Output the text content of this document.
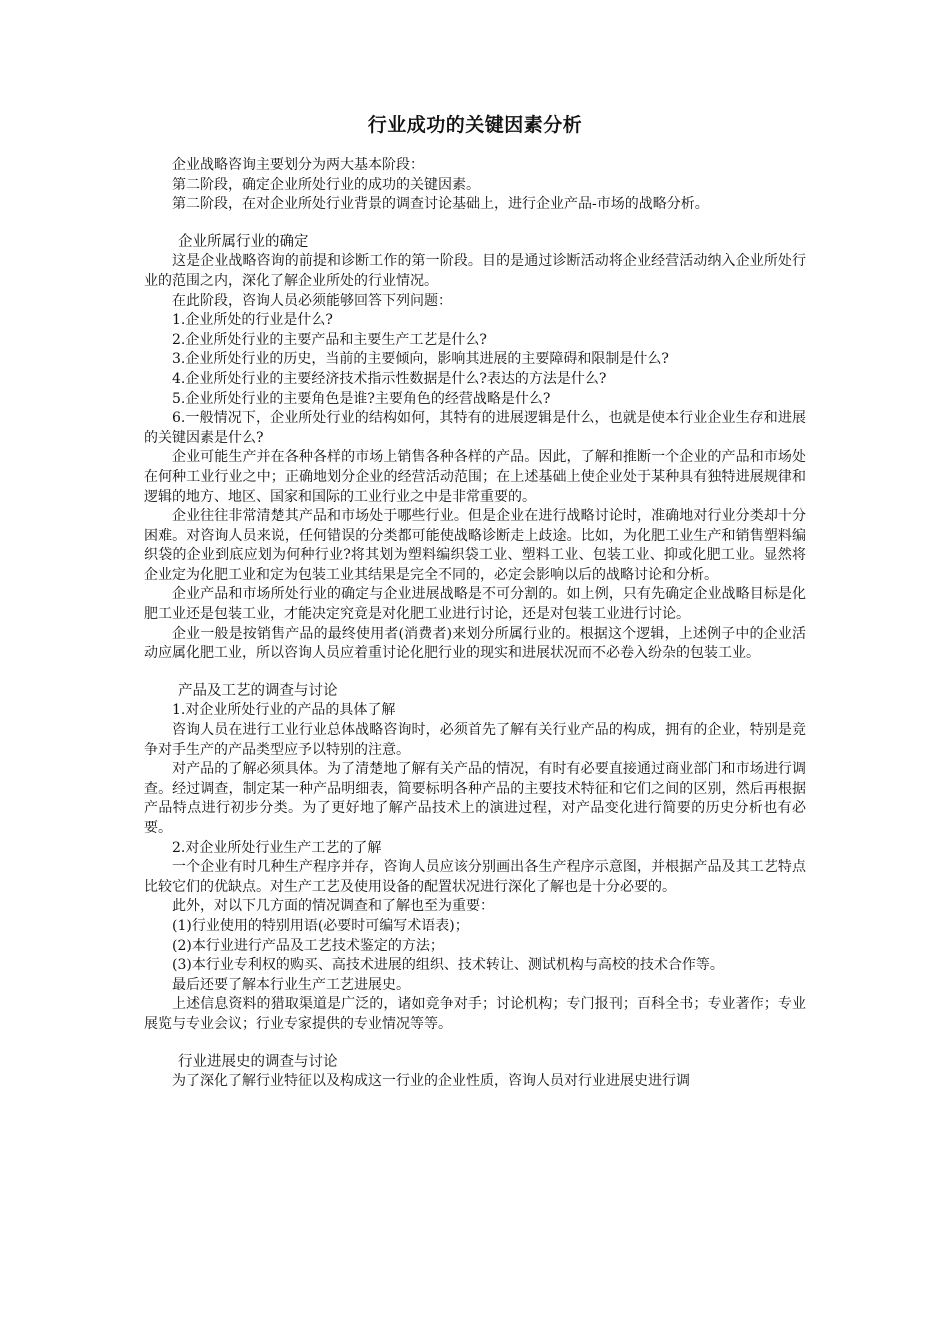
行业成功的关键因素分析

企业战略咨询主要划分为两大基本阶段：

第二阶段，确定企业所处行业的成功的关键因素。

第二阶段，在对企业所处行业背景的调查讨论基础上，进行企业产品-市场的战略分析。

企业所属行业的确定

这是企业战略咨询的前提和诊断工作的第一阶段。目的是通过诊断活动将企业经营活动纳入企业所处行业的范围之内，深化了解企业所处的行业情况。

在此阶段，咨询人员必须能够回答下列问题：

1.企业所处的行业是什么?

2.企业所处行业的主要产品和主要生产工艺是什么?

3.企业所处行业的历史，当前的主要倾向，影响其进展的主要障碍和限制是什么?

4.企业所处行业的主要经济技术指示性数据是什么?表达的方法是什么?

5.企业所处行业的主要角色是谁?主要角色的经营战略是什么?

6.一般情况下，企业所处行业的结构如何，其特有的进展逻辑是什么，也就是使本行业企业生存和进展的关键因素是什么?

企业可能生产并在各种各样的市场上销售各种各样的产品。因此，了解和推断一个企业的产品和市场处在何种工业行业之中；正确地划分企业的经营活动范围；在上述基础上使企业处于某种具有独特进展规律和逻辑的地方、地区、国家和国际的工业行业之中是非常重要的。

企业往往非常清楚其产品和市场处于哪些行业。但是企业在进行战略讨论时，准确地对行业分类却十分困难。对咨询人员来说，任何错误的分类都可能使战略诊断走上歧途。比如，为化肥工业生产和销售塑料编织袋的企业到底应划为何种行业?将其划为塑料编织袋工业、塑料工业、包装工业、抑或化肥工业。显然将企业定为化肥工业和定为包装工业其结果是完全不同的，必定会影响以后的战略讨论和分析。

企业产品和市场所处行业的确定与企业进展战略是不可分割的。如上例，只有先确定企业战略目标是化肥工业还是包装工业，才能决定究竟是对化肥工业进行讨论，还是对包装工业进行讨论。

企业一般是按销售产品的最终使用者(消费者)来划分所属行业的。根据这个逻辑，上述例子中的企业活动应属化肥工业，所以咨询人员应着重讨论化肥行业的现实和进展状况而不必卷入纷杂的包装工业。

产品及工艺的调查与讨论

1.对企业所处行业的产品的具体了解

咨询人员在进行工业行业总体战略咨询时，必须首先了解有关行业产品的构成，拥有的企业，特别是竞争对手生产的产品类型应予以特别的注意。

对产品的了解必须具体。为了清楚地了解有关产品的情况，有时有必要直接通过商业部门和市场进行调查。经过调查，制定某一种产品明细表，简要标明各种产品的主要技术特征和它们之间的区别，然后再根据产品特点进行初步分类。为了更好地了解产品技术上的演进过程，对产品变化进行简要的历史分析也有必要。

2.对企业所处行业生产工艺的了解

一个企业有时几种生产程序并存，咨询人员应该分别画出各生产程序示意图，并根据产品及其工艺特点比较它们的优缺点。对生产工艺及使用设备的配置状况进行深化了解也是十分必要的。

此外，对以下几方面的情况调查和了解也至为重要：

(1)行业使用的特别用语(必要时可编写术语表)；

(2)本行业进行产品及工艺技术鉴定的方法；

(3)本行业专利权的购买、高技术进展的组织、技术转让、测试机构与高校的技术合作等。

最后还要了解本行业生产工艺进展史。

上述信息资料的猎取渠道是广泛的，诸如竞争对手；讨论机构；专门报刊；百科全书；专业著作；专业展览与专业会议；行业专家提供的专业情况等等。

行业进展史的调查与讨论

为了深化了解行业特征以及构成这一行业的企业性质，咨询人员对行业进展史进行调
